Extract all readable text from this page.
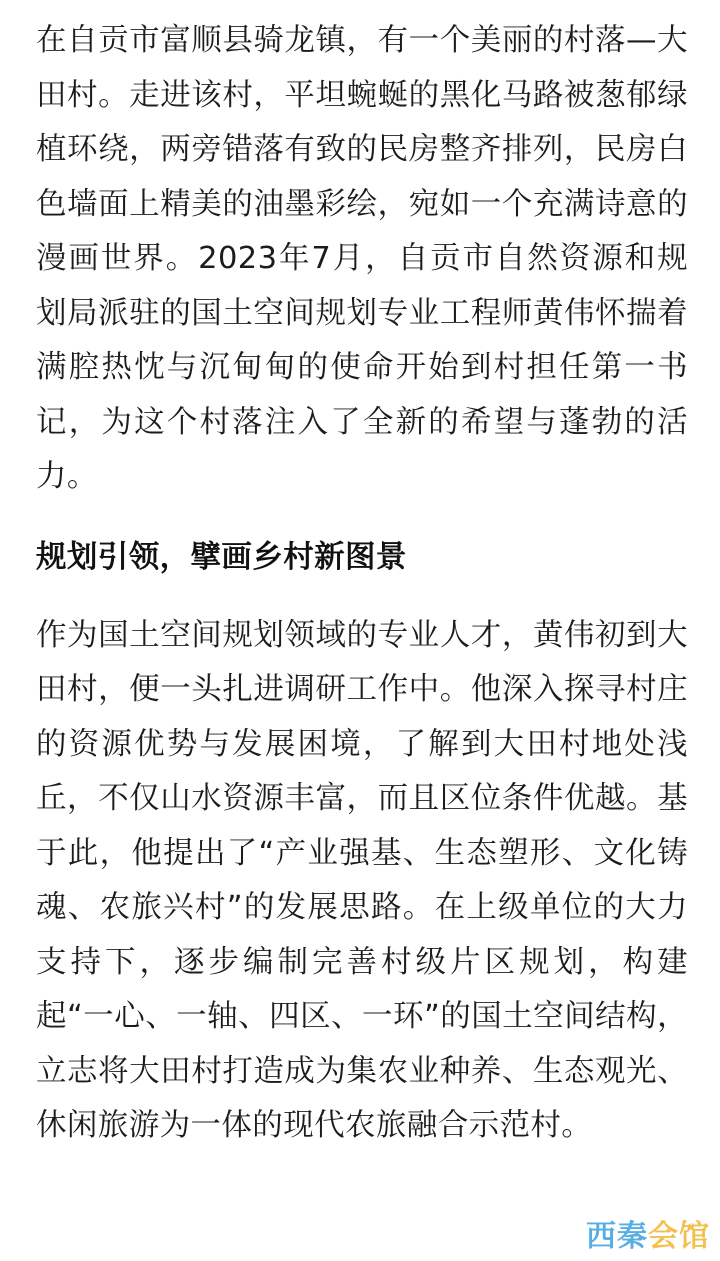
在自贡市富顺县骑龙镇，有一个美丽的村落—大田村。走进该村，平坦蜿蜒的黑化马路被葱郁绿植环绕，两旁错落有致的民房整齐排列，民房白色墙面上精美的油墨彩绘，宛如一个充满诗意的漫画世界。2023年7月，自贡市自然资源和规划局派驻的国土空间规划专业工程师黄伟怀揣着满腔热忱与沉甸甸的使命开始到村担任第一书记，为这个村落注入了全新的希望与蓬勃的活力。

规划引领，擘画乡村新图景

作为国土空间规划领域的专业人才，黄伟初到大田村，便一头扎进调研工作中。他深入探寻村庄的资源优势与发展困境，了解到大田村地处浅丘，不仅山水资源丰富，而且区位条件优越。基于此，他提出了“产业强基、生态塑形、文化铸魂、农旅兴村”的发展思路。在上级单位的大力支持下，逐步编制完善村级片区规划，构建起“一心、一轴、四区、一环”的国土空间结构，立志将大田村打造成为集农业种养、生态观光、休闲旅游为一体的现代农旅融合示范村。

西秦会馆
